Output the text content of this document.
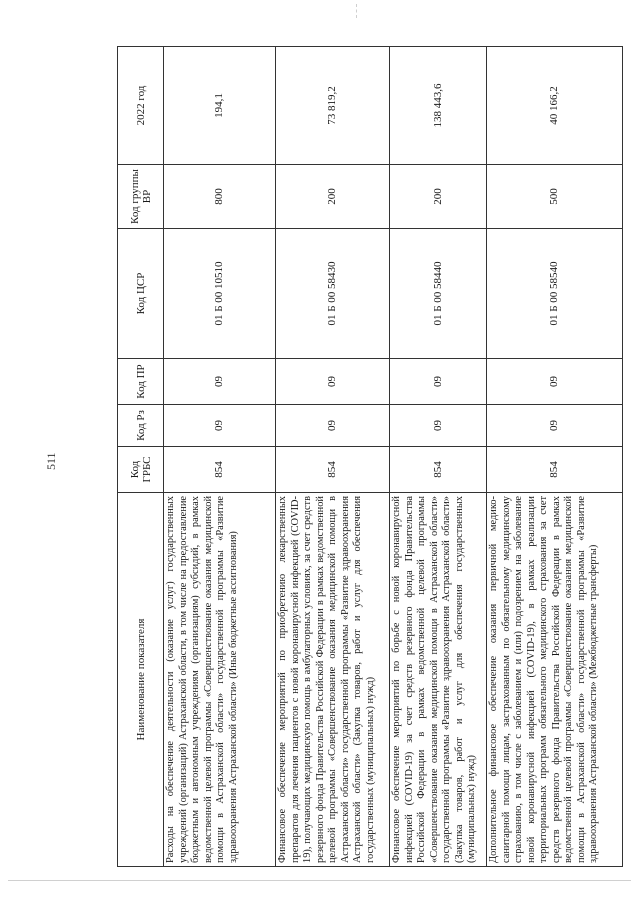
511
Наименование показателя	Код ГРБС	Код Рз	Код ПР	Код ЦСР	Код группы ВР	2022 год
Расходы на обеспечение деятельности (оказание услуг) государственных учреждений (организаций) Астраханской области, в том числе на предоставление бюджетным и автономным учреждениям (организациям) субсидий, в рамках ведомственной целевой программы «Совершенствование оказания медицинской помощи в Астраханской области» государственной программы «Развитие здравоохранения Астраханской области» (Иные бюджетные ассигнования)	854	09	09	01 Б 00 10510	800	194,1
Финансовое обеспечение мероприятий по приобретению лекарственных препаратов для лечения пациентов с новой коронавирусной инфекцией (COVID-19), получающих медицинскую помощь в амбулаторных условиях, за счет средств резервного фонда Правительства Российской Федерации в рамках ведомственной целевой программы «Совершенствование оказания медицинской помощи в Астраханской области» государственной программы «Развитие здравоохранения Астраханской области» (Закупка товаров, работ и услуг для обеспечения государственных (муниципальных) нужд)	854	09	09	01 Б 00 58430	200	73 819,2
Финансовое обеспечение мероприятий по борьбе с новой коронавирусной инфекцией (COVID-19) за счет средств резервного фонда Правительства Российской Федерации в рамках ведомственной целевой программы «Совершенствование оказания медицинской помощи в Астраханской области» государственной программы «Развитие здравоохранения Астраханской области» (Закупка товаров, работ и услуг для обеспечения государственных (муниципальных) нужд)	854	09	09	01 Б 00 58440	200	138 443,6
Дополнительное финансовое обеспечение оказания первичной медико-санитарной помощи лицам, застрахованным по обязательному медицинскому страхованию, в том числе с заболеванием и (или) подозрением на заболевание новой коронавирусной инфекцией (COVID-19), в рамках реализации территориальных программ обязательного медицинского страхования за счет средств резервного фонда Правительства Российской Федерации в рамках ведомственной целевой программы «Совершенствование оказания медицинской помощи в Астраханской области» государственной программы «Развитие здравоохранения Астраханской области» (Межбюджетные трансферты)	854	09	09	01 Б 00 58540	500	40 166,2
